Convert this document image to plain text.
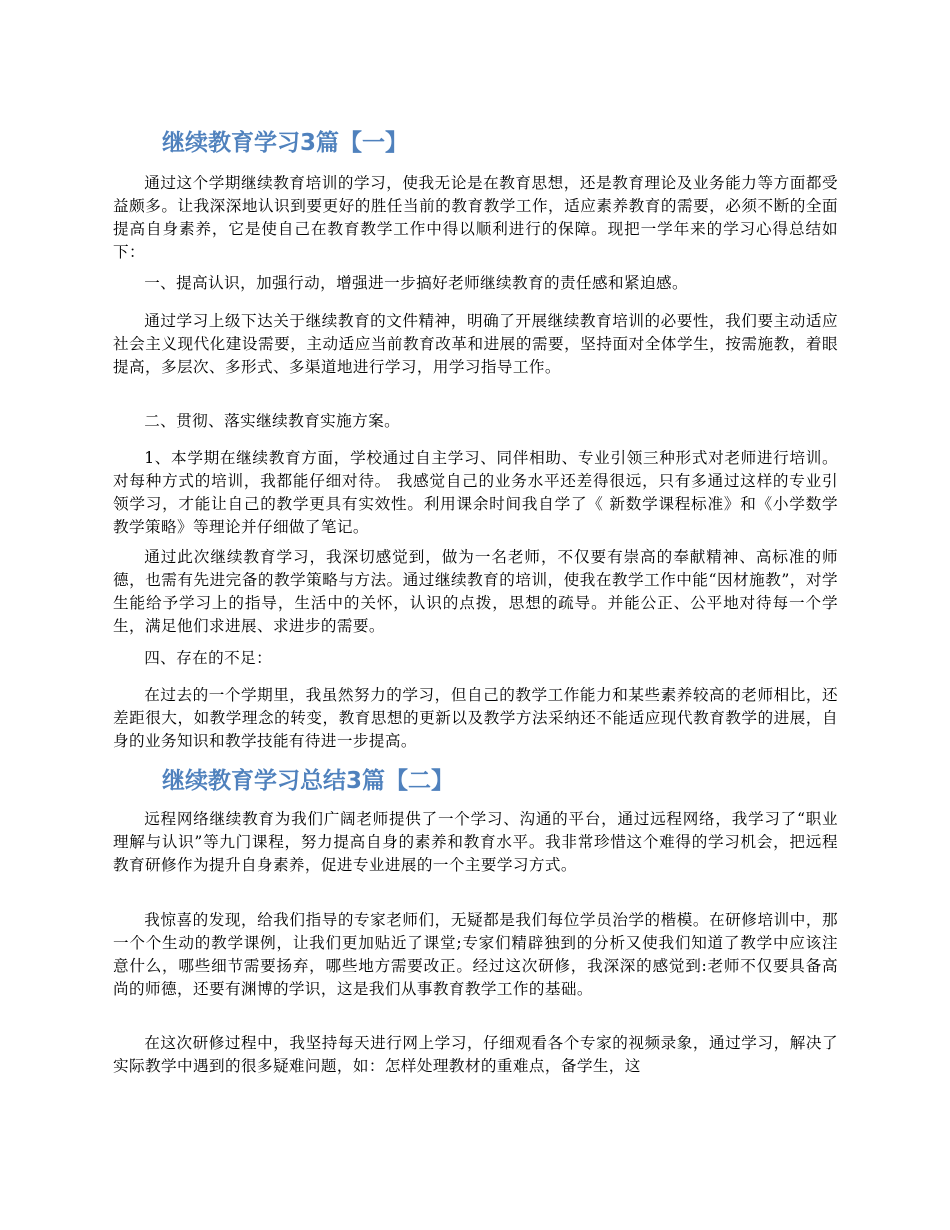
继续教育学习3篇【一】

通过这个学期继续教育培训的学习，使我无论是在教育思想，还是教育理论及业务能力等方面都受益颇多。让我深深地认识到要更好的胜任当前的教育教学工作，适应素养教育的需要，必须不断的全面提高自身素养，它是使自己在教育教学工作中得以顺利进行的保障。现把一学年来的学习心得总结如下：

一、提高认识，加强行动，增强进一步搞好老师继续教育的责任感和紧迫感。

通过学习上级下达关于继续教育的文件精神，明确了开展继续教育培训的必要性，我们要主动适应社会主义现代化建设需要，主动适应当前教育改革和进展的需要，坚持面对全体学生，按需施教，着眼提高，多层次、多形式、多渠道地进行学习，用学习指导工作。

二、贯彻、落实继续教育实施方案。

1、本学期在继续教育方面，学校通过自主学习、同伴相助、专业引领三种形式对老师进行培训。对每种方式的培训，我都能仔细对待。 我感觉自己的业务水平还差得很远，只有多通过这样的专业引领学习，才能让自己的教学更具有实效性。利用课余时间我自学了《 新数学课程标准》和《小学数学教学策略》等理论并仔细做了笔记。

通过此次继续教育学习，我深切感觉到，做为一名老师，不仅要有崇高的奉献精神、高标准的师德，也需有先进完备的教学策略与方法。通过继续教育的培训，使我在教学工作中能“因材施教”，对学生能给予学习上的指导，生活中的关怀，认识的点拨，思想的疏导。并能公正、公平地对待每一个学生，满足他们求进展、求进步的需要。

四、存在的不足：

在过去的一个学期里，我虽然努力的学习，但自己的教学工作能力和某些素养较高的老师相比，还差距很大，如教学理念的转变，教育思想的更新以及教学方法采纳还不能适应现代教育教学的进展，自身的业务知识和教学技能有待进一步提高。

继续教育学习总结3篇【二】

远程网络继续教育为我们广阔老师提供了一个学习、沟通的平台，通过远程网络，我学习了“职业理解与认识”等九门课程，努力提高自身的素养和教育水平。我非常珍惜这个难得的学习机会，把远程教育研修作为提升自身素养，促进专业进展的一个主要学习方式。

我惊喜的发现，给我们指导的专家老师们，无疑都是我们每位学员治学的楷模。在研修培训中，那一个个生动的教学课例，让我们更加贴近了课堂;专家们精辟独到的分析又使我们知道了教学中应该注意什么，哪些细节需要扬弃，哪些地方需要改正。经过这次研修，我深深的感觉到:老师不仅要具备高尚的师德，还要有渊博的学识，这是我们从事教育教学工作的基础。

在这次研修过程中，我坚持每天进行网上学习，仔细观看各个专家的视频录象，通过学习，解决了实际教学中遇到的很多疑难问题，如：怎样处理教材的重难点，备学生，这
